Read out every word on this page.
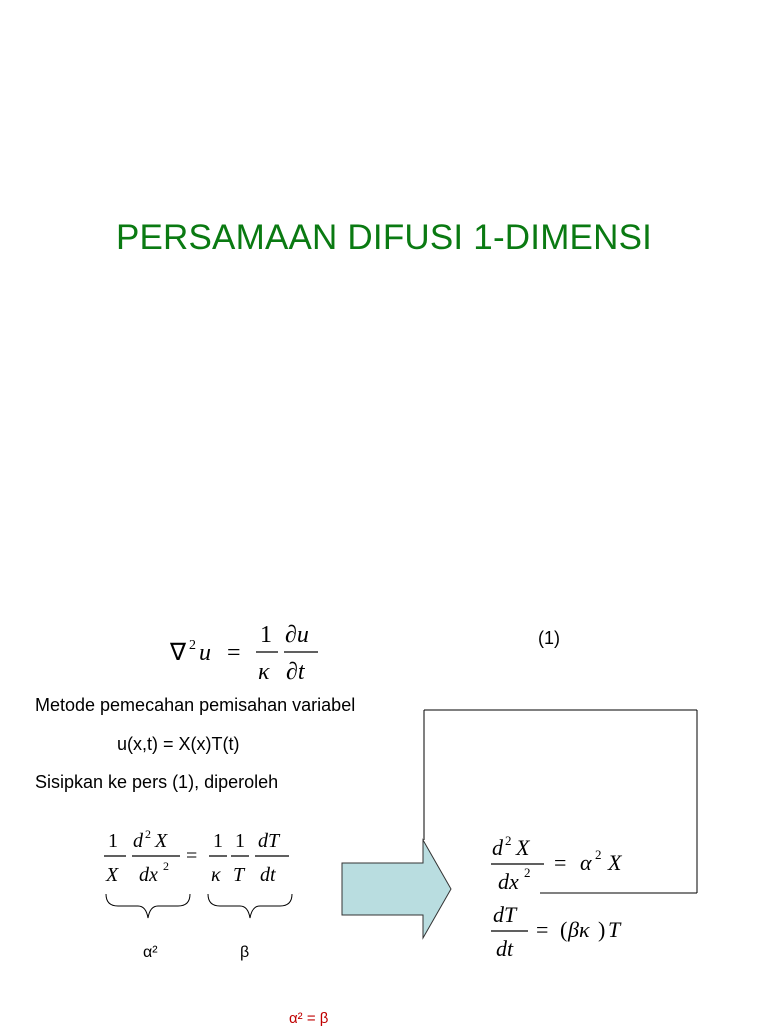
PERSAMAAN DIFUSI 1-DIMENSI
∇ 2 u =
1
κ
∂u
∂t
(1)
Metode pemecahan pemisahan variabel
u(x,t) = X(x)T(t)
Sisipkan ke pers (1), diperoleh
1
X
d 2 X
dx 2 =
1
κ
1
T
dT
dt
α²	β
d 2 X
dx 2 = α 2 X
dT
dt
= ( βκ ) T
α² = β
